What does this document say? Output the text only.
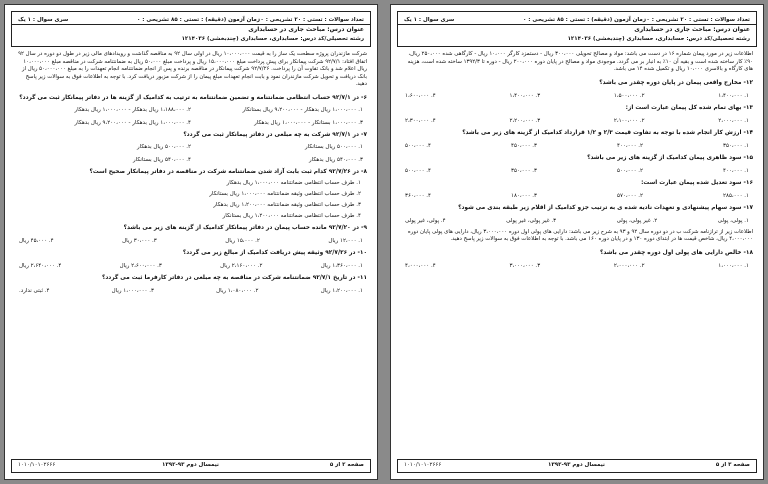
تعداد سوالات : تستی : ۲۰ تشریحی : ۰
زمان آزمون (دقیقه) : تستی : ۸۵ تشریحی : ۰
سری سوال : ۱ یک
عنوان درس: مباحث جاری در حسابداری
رشته تحصیلی/کد درس: حسابداری، حسابداری (چندبخشی) ۱۲۱۴۰۳۶
شرکت مازندران پروژه سطحت یک ساز را به قیمت ۱۰،۰۰۰،۰۰۰ ریال در اولی سال ۹۲ به مناقصه گذاشت و رویدادهای مالی زیر در طول دو دوره در سال ۹۲ اتفاق افتاد: ۹۲/۷/۱ شرکت پیمانکار برای پیش پرداخت مبلغ ۱۵،۰۰۰،۰۰۰ ریال و پرداخت مبلغ ۵۰،۰۰۰ ریال به ضمانتنامه شرکت در مناقصه مبلغ ۱۰،۰۰۰،۰۰۰ ریال اعلام شد و بانک تفاوت آن را پرداخت. ۹۲/۷/۲۶ شرکت پیمانکار در مناقصه برنده و پس از انجام ضمانتنامه انجام تعهدات را به مبلغ ۵۰،۰۰۰،۰۰۰ ریال از بانک دریافت و تحویل شرکت مازندران نمود و بابت انجام تعهدات مبلغ پیمان را از شرکت مزبور دریافت کرد. با توجه به اطلاعات فوق به سوالات زیر پاسخ دهید.
۶- در ۹۲/۷/۱ حساب انتظامی ضمانتنامه و تضمین ضمانتنامه به ترتیب به کدامیک از گزینه ها در دفاتر پیمانکار ثبت می گردد؟
۱. ۱،۰۰۰،۰۰۰ ریال بدهکار - ۹،۲۰۰،۰۰۰ ریال بستانکار
۲. ۱،۱۸۸،۰۰۰ ریال بدهکار - ۱،۰۰۰،۰۰۰ ریال بدهکار
۳. ۱،۰۰۰،۰۰۰ بستانکار - ۱،۰۰۰،۰۰۰ ریال بدهکار
۴. ۱،۰۰۰،۰۰۰ ریال بدهکار - ۹،۲۰۰،۰۰۰ ریال بدهکار
۷- در ۹۲/۷/۱ شرکت به چه مبلغی در دفاتر پیمانکار ثبت می گردد؟
۱. ۵۰۰،۰۰۰ ریال بستانکار
۲. ۵۰۰،۰۰۰ ریال بدهکار
۳. ۵۴۰،۰۰۰ ریال بدهکار
۴. ۵۴۰،۰۰۰ ریال بستانکار
۸- در ۹۲/۷/۲۶ کدام ثبت بابت آزاد شدن ضمانتنامه شرکت در مناقصه در دفاتر پیمانکار صحیح است؟
۱. طرف حساب انتظامی ضمانتنامه ۱،۰۰۰،۰۰۰ ریال بدهکار
۲. طرف حساب انتظامی وثیقه ضمانتنامه ۱،۰۰۰،۰۰۰ ریال بستانکار
۳. طرف حساب انتظامی وثیقه ضمانتنامه ۱،۲۰۰،۰۰۰ ریال بدهکار
۴. طرف حساب انتظامی ضمانتنامه ۱،۲۰۰،۰۰۰ ریال بستانکار
۹- در ۹۲/۷/۲۰ مانده حساب پیمان در دفاتر پیمانکار کدامیک از گزینه های زیر می باشد؟
۱. ۱۲،۰۰۰ ریال
۲. ۱۵،۰۰۰ ریال
۳. ۳۰،۰۰۰ ریال
۴. ۴۵،۰۰۰ ریال
۱۰- در ۹۲/۷/۲۶ وثیقه پیش دریافت کدامیک از مبالغ زیر می گردد؟
۱. ۱،۳۶۰،۰۰۰ ریال
۲. ۲،۱۶۰،۰۰۰ ریال
۳. ۲،۶۰۰،۰۰۰ ریال
۴. ۲،۶۴۰،۰۰۰ ریال
۱۱- در تاریخ ۹۲/۷/۱ ضمانتنامه شرکت در مناقصه به چه مبلغی در دفاتر کارفرما ثبت می گردد؟
۱. ۱،۲۰۰،۰۰۰ ریال
۲. ۱،۰۸۰،۰۰۰ ریال
۳. ۱،۰۰۰،۰۰۰ ریال
۴. ثبتی ندارد.
صفحه ۲ از ۵
نیمسال دوم ۹۳-۱۳۹۲
۱۰۱۰/۱۰۱۰۲۶۶۶
تعداد سوالات : تستی : ۲۰ تشریحی : ۰
زمان آزمون (دقیقه) : تستی : ۸۵ تشریحی : ۰
سری سوال : ۱ یک
عنوان درس: مباحث جاری در حسابداری
رشته تحصیلی/کد درس: حسابداری، حسابداری (چندبخشی) ۱۲۱۴۰۳۶
اطلاعات زیر در مورد پیمان شماره ۱۶ در دست می باشد: مواد و مصالح تحویلی ۳۰۰،۰۰۰ ریال - دستمزد کارگر ۱۰،۰۰۰ ریال - کارگاهی شده ۲۵۰،۰۰۰ ریال، ۹۰٪ کار ساخته شده است و بقیه آن ۱۰٪ به انبار بر می گردد. موجودی مواد و مصالح در پایان دوره ۲۰۰،۰۰۰ ریال - دوره تا ۱۳۹۲/۳ ساخته شده است، هزینه های کارگاه و بالاسری ۱۰،۰۰۰ ریال و تکمیل شده ۱۴ می باشد.
۱۲- مخارج واقعی پیمان در پایان دوره چقدر می باشد؟
۱. ۱،۴۰۰،۰۰۰
۲. ۱،۵۰۰،۰۰۰
۳. ۱،۴۰۰،۰۰۰
۴. ۱،۶۰۰،۰۰۰
۱۳- بهای تمام شده کل پیمان عبارت است از:
۱. ۲،۰۰۰،۰۰۰
۲. ۲،۱۰۰،۰۰۰
۳. ۲،۲۰۰،۰۰۰
۴. ۲،۳۰۰،۰۰۰
۱۴- ارزش کار انجام شده با توجه به تفاوت قیمت ۲/۳ و ۱/۲ قرارداد کدامیک از گزینه های زیر می باشد؟
۱. ۳۵۰،۰۰۰
۲. ۴۰۰،۰۰۰
۳. ۴۵۰،۰۰۰
۴. ۵۰۰،۰۰۰
۱۵- سود ظاهری پیمان کدامیک از گزینه های زیر می باشد؟
۱. ۴۰۰،۰۰۰
۲. ۵۰۰،۰۰۰
۳. ۳۵۰،۰۰۰
۴. ۵۰۰،۰۰۰
۱۶- سود تعدیل شده پیمان عبارت است:
۱. ۲۸۵،۰۰۰
۲. ۵۷۰،۰۰۰
۳. ۱۸۰،۰۰۰
۴. ۳۶۰،۰۰۰
۱۷- سود سهام پیشنهادی و تعهدات نادیه شده ی به ترتیب جزو کدامیک از اقلام زیر طبقه بندی می شود؟
۱. پولی، پولی
۲. غیر پولی، پولی
۳. غیر پولی، غیر پولی
۴. پولی، غیر پولی
اطلاعات زیر از ترازنامه شرکت ب در دو دوره سال ۹۲ و ۹۳ به شرح زیر می باشد: دارایی های پولی اول دوره ۳،۰۰۰،۰۰۰ ریال، دارایی های پولی پایان دوره ۴،۰۰۰،۰۰۰ ریال، شاخص قیمت ها در ابتدای دوره ۱۳۰ و در پایان دوره ۱۶۰ می باشد. با توجه به اطلاعات فوق به سوالات زیر پاسخ دهید.
۱۸- خالص دارایی های پولی اول دوره چقدر می باشد؟
۱. ۱،۰۰۰،۰۰۰
۲. ۲،۰۰۰،۰۰۰
۳. ۳،۰۰۰،۰۰۰
۴. ۴،۰۰۰،۰۰۰
صفحه ۳ از ۵
نیمسال دوم ۹۳-۱۳۹۲
۱۰۱۰/۱۰۱۰۲۶۶۶
